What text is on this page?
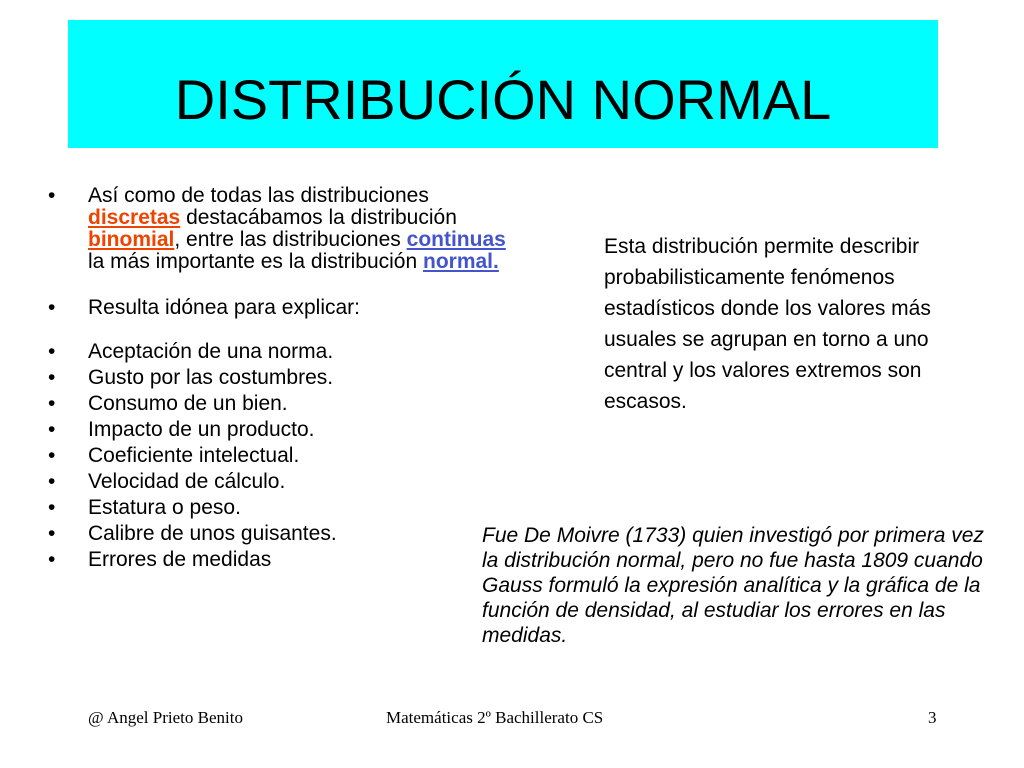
DISTRIBUCIÓN NORMAL
• Así como de todas las distribuciones discretas destacábamos la distribución binomial, entre las distribuciones continuas la más importante es la distribución normal.
• Resulta idónea para explicar:
• Aceptación de una norma.
• Gusto por las costumbres.
• Consumo de un bien.
• Impacto de un producto.
• Coeficiente intelectual.
• Velocidad de cálculo.
• Estatura o peso.
• Calibre de unos guisantes.
• Errores de medidas
Esta distribución permite describir probabilisticamente fenómenos estadísticos donde los valores más usuales se agrupan en torno a uno central y los valores extremos son escasos.
Fue De Moivre (1733) quien investigó por primera vez la distribución normal, pero no fue hasta 1809 cuando Gauss formuló la expresión analítica y la gráfica de la función de densidad, al estudiar los errores en las medidas.
@ Angel Prieto Benito	Matemáticas 2º Bachillerato CS	3
